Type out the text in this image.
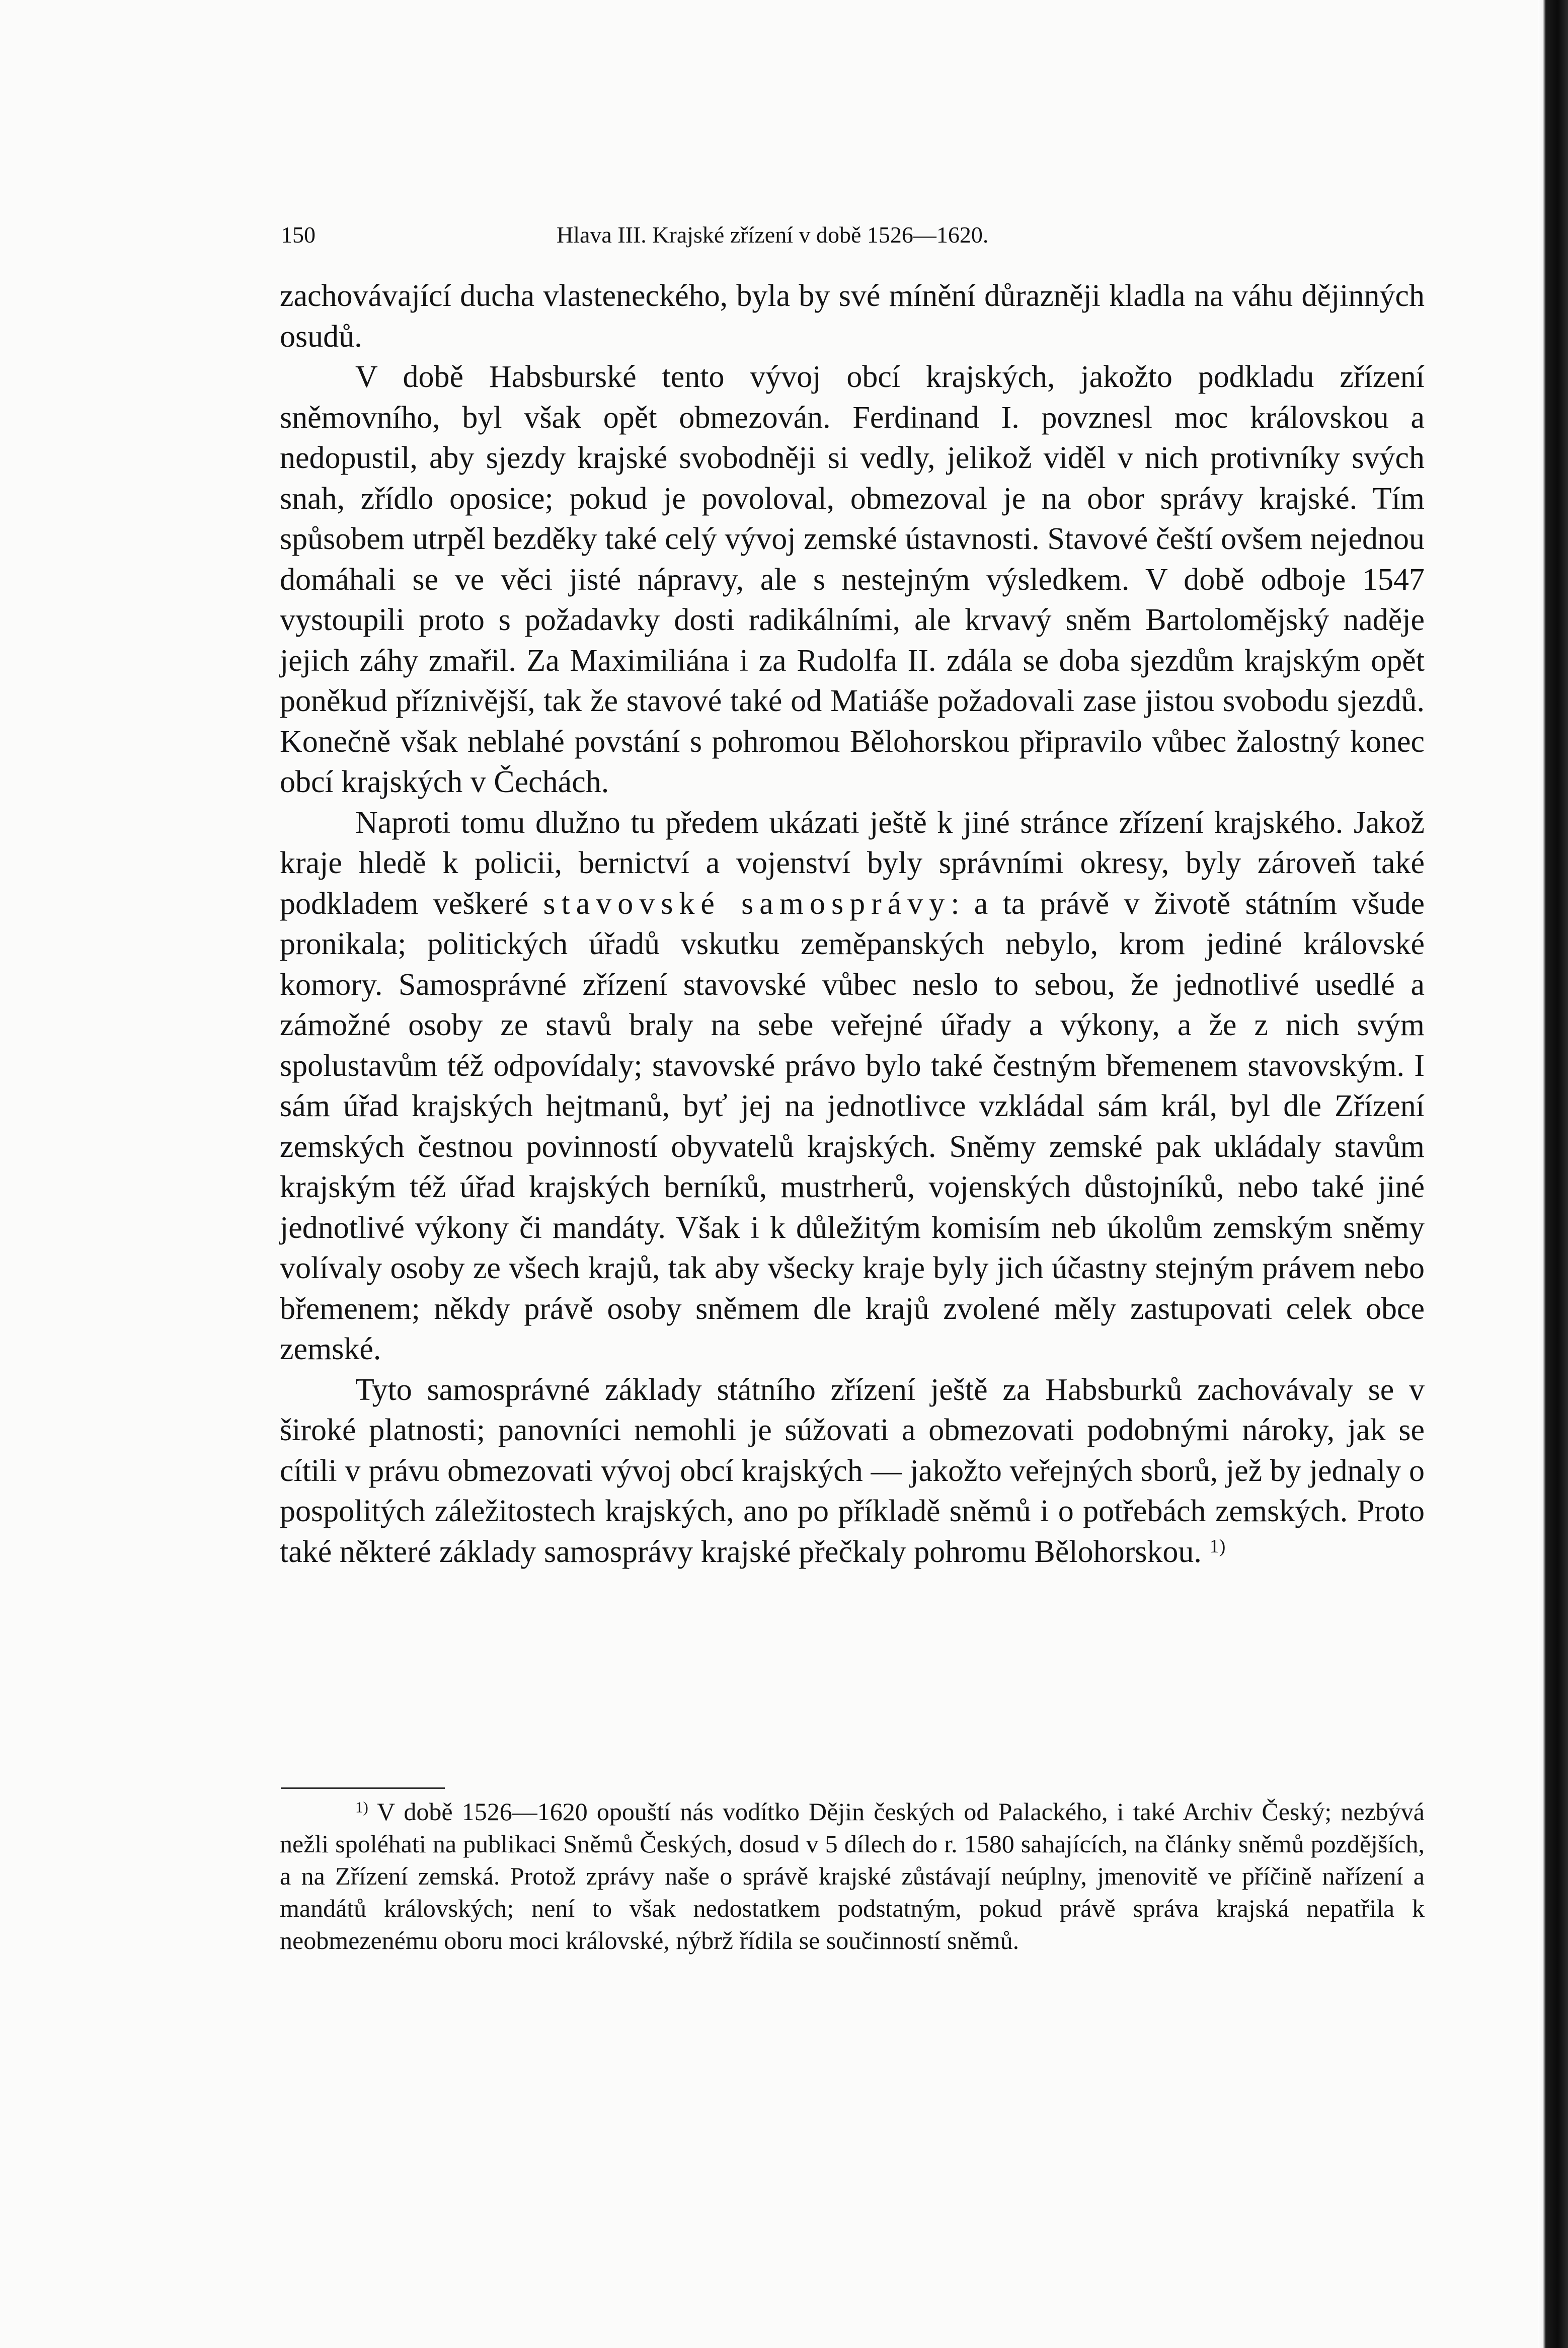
150	Hlava III. Krajské zřízení v době 1526—1620.

zachovávající ducha vlasteneckého, byla by své mínění důrazněji kladla na váhu dějinných osudů.

V době Habsburské tento vývoj obcí krajských, jakožto podkladu zřízení sněmovního, byl však opět obmezován. Ferdinand I. povznesl moc královskou a nedopustil, aby sjezdy krajské svobodněji si vedly, jelikož viděl v nich protivníky svých snah, zřídlo oposice; pokud je povoloval, obmezoval je na obor správy krajské. Tím spůsobem utrpěl bezděky také celý vývoj zemské ústavnosti. Stavové čeští ovšem nejednou domáhali se ve věci jisté nápravy, ale s nestejným výsledkem. V době odboje 1547 vystoupili proto s požadavky dosti radikálními, ale krvavý sněm Bartoloměјský naděje jejich záhy zmařil. Za Maximiliána i za Rudolfa II. zdála se doba sjezdům krajským opět poněkud příznivější, tak že stavové také od Matiáše požadovali zase jistou svobodu sjezdů. Konečně však neblahé povstání s pohromou Bělohorskou připravilo vůbec žalostný konec obcí krajských v Čechách.

Naproti tomu dlužno tu předem ukázati ještě k jiné stránce zřízení krajského. Jakož kraje hledě k policii, bernictví a vojenství byly správními okresy, byly zároveň také podkladem veškeré stavovské samosprávy: a ta právě v životě státním všude pronikala; politických úřadů vskutku zeměpanských nebylo, krom jediné královské komory. Samosprávné zřízení stavovské vůbec neslo to sebou, že jednotlivé usedlé a zámožné osoby ze stavů braly na sebe veřejné úřady a výkony, a že z nich svým spolustavům též odpovídaly; stavovské právo bylo také čestným břemenem stavovským. I sám úřad krajských hejtmanů, byť jej na jednotlivce vzkládal sám král, byl dle Zřízení zemských čestnou povinností obyvatelů krajských. Sněmy zemské pak ukládaly stavům krajským též úřad krajských berníků, mustrherů, vojenských důstojníků, nebo také jiné jednotlivé výkony či mandáty. Však i k důležitým komisím neb úkolům zemským sněmy volívaly osoby ze všech krajů, tak aby všecky kraje byly jich účastny stejným právem nebo břemenem; někdy právě osoby sněmem dle krajů zvolené měly zastupovati celek obce zemské.

Tyto samosprávné základy státního zřízení ještě za Habsburků zachovávaly se v široké platnosti; panovníci nemohli je súžovati a obmezovati podobnými nároky, jak se cítili v právu obmezovati vývoj obcí krajských — jakožto veřejných sborů, jež by jednaly o pospolitých záležitostech krajských, ano po příkladě sněmů i o potřebách zemských. Proto také některé základy samosprávy krajské přečkaly pohromu Bělohorskou. $^{1)}$

$^{1)}$ V době 1526—1620 opouští nás vodítko Dějin českých od Palackého, i také Archiv Český; nezbývá nežli spoléhati na publikaci Sněmů Českých, dosud v 5 dílech do r. 1580 sahajících, na články sněmů pozdějších, a na Zřízení zemská. Protož zprávy naše o správě krajské zůstávají neúplny, jmenovitě ve příčině nařízení a mandátů královských; není to však nedostatkem podstatným, pokud právě správa krajská nepatřila k neobmezenému oboru moci královské, nýbrž řídila se součinností sněmů.
